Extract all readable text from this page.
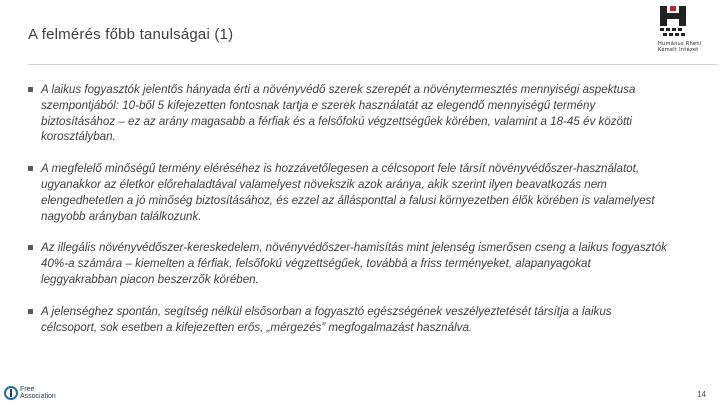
A felmérés főbb tanulságai (1)
Humánus Rheni
Kémelt Intézet

A laikus fogyasztók jelentős hányada érti a növényvédő szerek szerepét a növénytermesztés mennyiségi aspektusa szempontjából: 10-ből 5 kifejezetten fontosnak tartja e szerek használatát az elegendő mennyiségű termény biztosításához – ez az arány magasabb a férfiak és a felsőfokú végzettségűek körében, valamint a 18-45 év közötti korosztályban.

A megfelelő minőségű termény eléréséhez is hozzávetőlegesen a célcsoport fele társít növényvédőszer-használatot, ugyanakkor az életkor előrehaladtával valamelyest növekszik azok aránya, akik szerint ilyen beavatkozás nem elengedhetetlen a jó minőség biztosításához, és ezzel az állásponttal a falusi környezetben élők körében is valamelyest nagyobb arányban találkozunk.

Az illegális növényvédőszer-kereskedelem, növényvédőszer-hamisítás mint jelenség ismerősen cseng a laikus fogyasztók 40%-a számára – kiemelten a férfiak, felsőfokú végzettségűek, továbbá a friss terményeket, alapanyagokat leggyakrabban piacon beszerzők körében.

A jelenséghez spontán, segítség nélkül elsősorban a fogyasztó egészségének veszélyeztetését társítja a laikus célcsoport, sok esetben a kifejezetten erős, „mérgezés” megfogalmazást használva.

Free
Association	14
